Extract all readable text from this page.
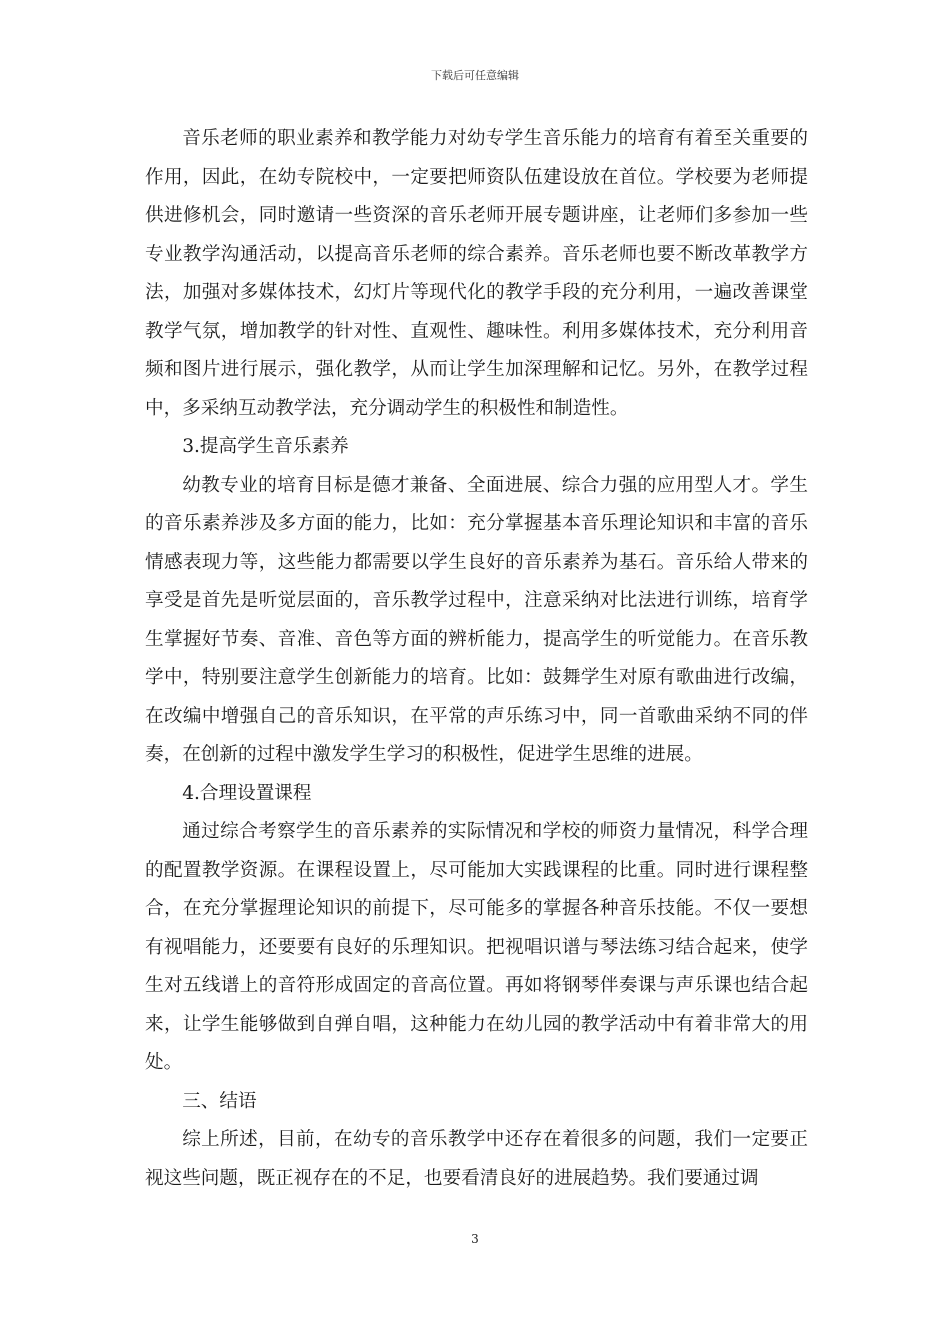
下载后可任意编辑

音乐老师的职业素养和教学能力对幼专学生音乐能力的培育有着至关重要的作用，因此，在幼专院校中，一定要把师资队伍建设放在首位。学校要为老师提供进修机会，同时邀请一些资深的音乐老师开展专题讲座，让老师们多参加一些专业教学沟通活动，以提高音乐老师的综合素养。音乐老师也要不断改革教学方法，加强对多媒体技术，幻灯片等现代化的教学手段的充分利用，一遍改善课堂教学气氛，增加教学的针对性、直观性、趣味性。利用多媒体技术，充分利用音频和图片进行展示，强化教学，从而让学生加深理解和记忆。另外，在教学过程中，多采纳互动教学法，充分调动学生的积极性和制造性。

3.提高学生音乐素养

幼教专业的培育目标是德才兼备、全面进展、综合力强的应用型人才。学生的音乐素养涉及多方面的能力，比如：充分掌握基本音乐理论知识和丰富的音乐情感表现力等，这些能力都需要以学生良好的音乐素养为基石。音乐给人带来的享受是首先是听觉层面的，音乐教学过程中，注意采纳对比法进行训练，培育学生掌握好节奏、音准、音色等方面的辨析能力，提高学生的听觉能力。在音乐教学中，特别要注意学生创新能力的培育。比如：鼓舞学生对原有歌曲进行改编，在改编中增强自己的音乐知识，在平常的声乐练习中，同一首歌曲采纳不同的伴奏，在创新的过程中激发学生学习的积极性，促进学生思维的进展。

4.合理设置课程

通过综合考察学生的音乐素养的实际情况和学校的师资力量情况，科学合理的配置教学资源。在课程设置上，尽可能加大实践课程的比重。同时进行课程整合，在充分掌握理论知识的前提下，尽可能多的掌握各种音乐技能。不仅一要想有视唱能力，还要要有良好的乐理知识。把视唱识谱与琴法练习结合起来，使学生对五线谱上的音符形成固定的音高位置。再如将钢琴伴奏课与声乐课也结合起来，让学生能够做到自弹自唱，这种能力在幼儿园的教学活动中有着非常大的用处。

三、结语

综上所述，目前，在幼专的音乐教学中还存在着很多的问题，我们一定要正视这些问题，既正视存在的不足，也要看清良好的进展趋势。我们要通过调

3
